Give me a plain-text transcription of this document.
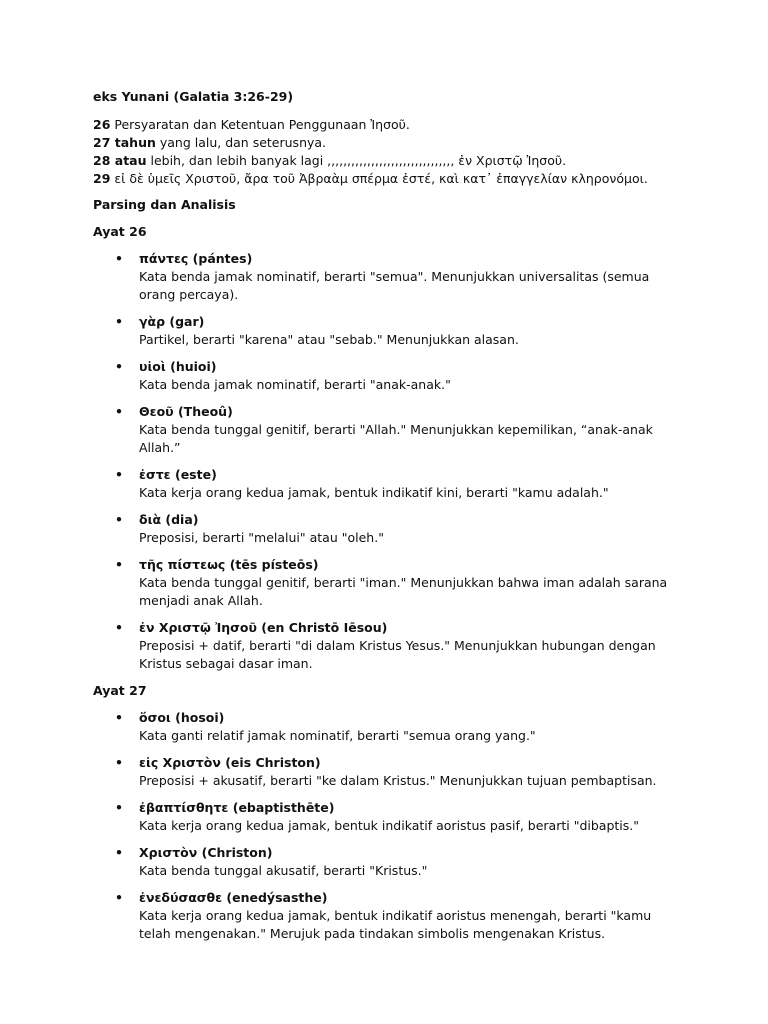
eks Yunani (Galatia 3:26-29)

26 Persyaratan dan Ketentuan Penggunaan Ἰησοῦ.

27 tahun yang lalu, dan seterusnya.

28 atau lebih, dan lebih banyak lagi ,,,,,,,,,,,,,,,,,,,,,,,,,,,,,,,, ἐν Χριστῷ Ἰησοῦ.

29 εἰ δὲ ὑμεῖς Χριστοῦ, ἄρα τοῦ Ἀβραὰμ σπέρμα ἐστέ, καὶ κατ᾽ ἐπαγγελίαν κληρονόμοι.

Parsing dan Analisis

Ayat 26

• πάντες (pántes)
Kata benda jamak nominatif, berarti "semua". Menunjukkan universalitas (semua orang percaya).
• γὰρ (gar)
Partikel, berarti "karena" atau "sebab." Menunjukkan alasan.
• υἱοὶ (huioi)
Kata benda jamak nominatif, berarti "anak-anak."
• Θεοῦ (Theoû)
Kata benda tunggal genitif, berarti "Allah." Menunjukkan kepemilikan, “anak-anak Allah.”
• ἐστε (este)
Kata kerja orang kedua jamak, bentuk indikatif kini, berarti "kamu adalah."
• διὰ (dia)
Preposisi, berarti "melalui" atau "oleh."
• τῆς πίστεως (tēs písteōs)
Kata benda tunggal genitif, berarti "iman." Menunjukkan bahwa iman adalah sarana menjadi anak Allah.
• ἐν Χριστῷ Ἰησοῦ (en Christō Iēsou)
Preposisi + datif, berarti "di dalam Kristus Yesus." Menunjukkan hubungan dengan Kristus sebagai dasar iman.

Ayat 27

• ὅσοι (hosoi)
Kata ganti relatif jamak nominatif, berarti "semua orang yang."
• εἰς Χριστὸν (eis Christon)
Preposisi + akusatif, berarti "ke dalam Kristus." Menunjukkan tujuan pembaptisan.
• ἐβαπτίσθητε (ebaptisthēte)
Kata kerja orang kedua jamak, bentuk indikatif aoristus pasif, berarti "dibaptis."
• Χριστὸν (Christon)
Kata benda tunggal akusatif, berarti "Kristus."
• ἐνεδύσασθε (enedýsasthe)
Kata kerja orang kedua jamak, bentuk indikatif aoristus menengah, berarti "kamu telah mengenakan." Merujuk pada tindakan simbolis mengenakan Kristus.
